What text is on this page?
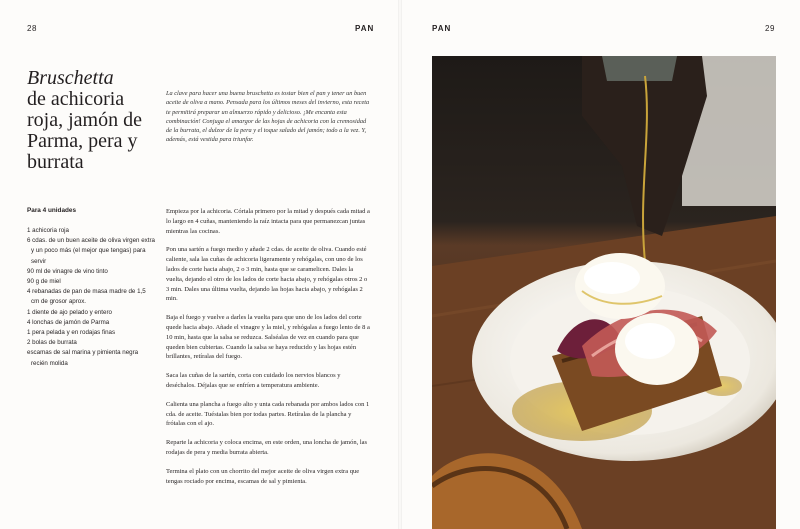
28	PAN
Bruschetta
de achicoria roja, jamón de Parma, pera y burrata

La clave para hacer una buena bruschetta es tostar bien el pan y tener un buen aceite de oliva a mano. Pensada para los últimos meses del invierno, esta receta te permitirá preparar un almuerzo rápido y delicioso. ¡Me encanta esta combinación! Conjuga el amargor de las hojas de achicoria con la cremosidad de la burrata, el dulzor de la pera y el toque salado del jamón; todo a la vez. Y, además, está vestida para triunfar.

Para 4 unidades
1 achicoria roja
6 cdas. de un buen aceite de oliva virgen extra y un poco más (el mejor que tengas) para servir
90 ml de vinagre de vino tinto
90 g de miel
4 rebanadas de pan de masa madre de 1,5 cm de grosor aprox.
1 diente de ajo pelado y entero
4 lonchas de jamón de Parma
1 pera pelada y en rodajas finas
2 bolas de burrata
escamas de sal marina y pimienta negra recién molida

Empieza por la achicoria. Córtala primero por la mitad y después cada mitad a lo largo en 4 cuñas, manteniendo la raíz intacta para que permanezcan juntas mientras las cocinas.

Pon una sartén a fuego medio y añade 2 cdas. de aceite de oliva. Cuando esté caliente, sala las cuñas de achicoria ligeramente y rehógalas, con uno de los lados de corte hacia abajo, 2 o 3 min, hasta que se caramelicen. Dales la vuelta, dejando el otro de los lados de corte hacia abajo, y rehógalas otros 2 o 3 min. Dales una última vuelta, dejando las hojas hacia abajo, y rehógalas 2 min.

Baja el fuego y vuelve a darles la vuelta para que uno de los lados del corte quede hacia abajo. Añade el vinagre y la miel, y rehógalas a fuego lento de 8 a 10 min, hasta que la salsa se reduzca. Salséalas de vez en cuando para que queden bien cubiertas. Cuando la salsa se haya reducido y las hojas estén brillantes, retíralas del fuego.

Saca las cuñas de la sartén, corta con cuidado los nervios blancos y deséchalos. Déjalas que se enfríen a temperatura ambiente.

Calienta una plancha a fuego alto y unta cada rebanada por ambos lados con 1 cda. de aceite. Tuéstalas bien por todas partes. Retíralas de la plancha y frótalas con el ajo.

Reparte la achicoria y coloca encima, en este orden, una loncha de jamón, las rodajas de pera y media burrata abierta.

Termina el plato con un chorrito del mejor aceite de oliva virgen extra que tengas rociado por encima, escamas de sal y pimienta.

PAN	29
